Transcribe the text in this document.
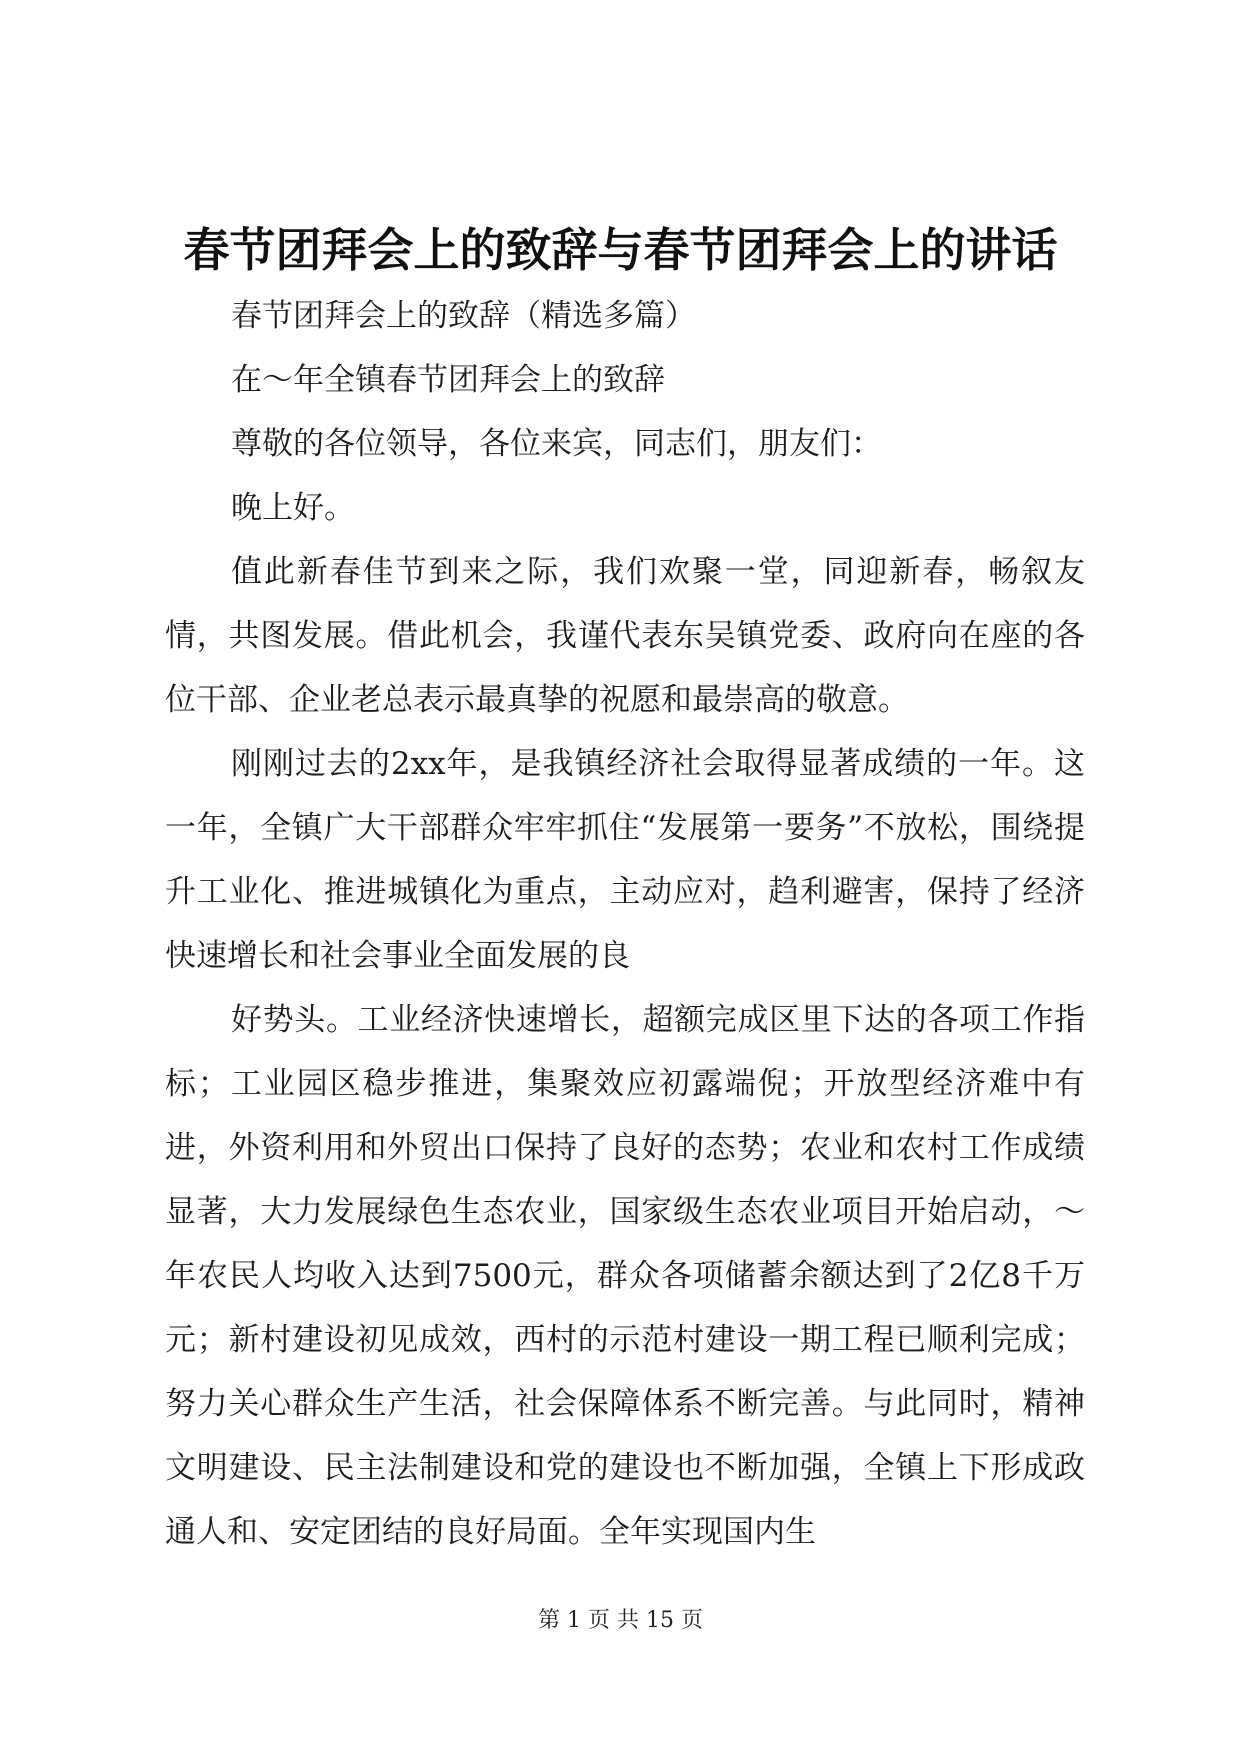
春节团拜会上的致辞与春节团拜会上的讲话

春节团拜会上的致辞（精选多篇）

在～年全镇春节团拜会上的致辞

尊敬的各位领导，各位来宾，同志们，朋友们：

晚上好。

值此新春佳节到来之际，我们欢聚一堂，同迎新春，畅叙友情，共图发展。借此机会，我谨代表东吴镇党委、政府向在座的各位干部、企业老总表示最真挚的祝愿和最崇高的敬意。

刚刚过去的2xx年，是我镇经济社会取得显著成绩的一年。这一年，全镇广大干部群众牢牢抓住“发展第一要务”不放松，围绕提升工业化、推进城镇化为重点，主动应对，趋利避害，保持了经济快速增长和社会事业全面发展的良

好势头。工业经济快速增长，超额完成区里下达的各项工作指标；工业园区稳步推进，集聚效应初露端倪；开放型经济难中有进，外资利用和外贸出口保持了良好的态势；农业和农村工作成绩显著，大力发展绿色生态农业，国家级生态农业项目开始启动，～年农民人均收入达到7500元，群众各项储蓄余额达到了2亿8千万元；新村建设初见成效，西村的示范村建设一期工程已顺利完成；努力关心群众生产生活，社会保障体系不断完善。与此同时，精神文明建设、民主法制建设和党的建设也不断加强，全镇上下形成政通人和、安定团结的良好局面。全年实现国内生

第 1 页 共 15 页
